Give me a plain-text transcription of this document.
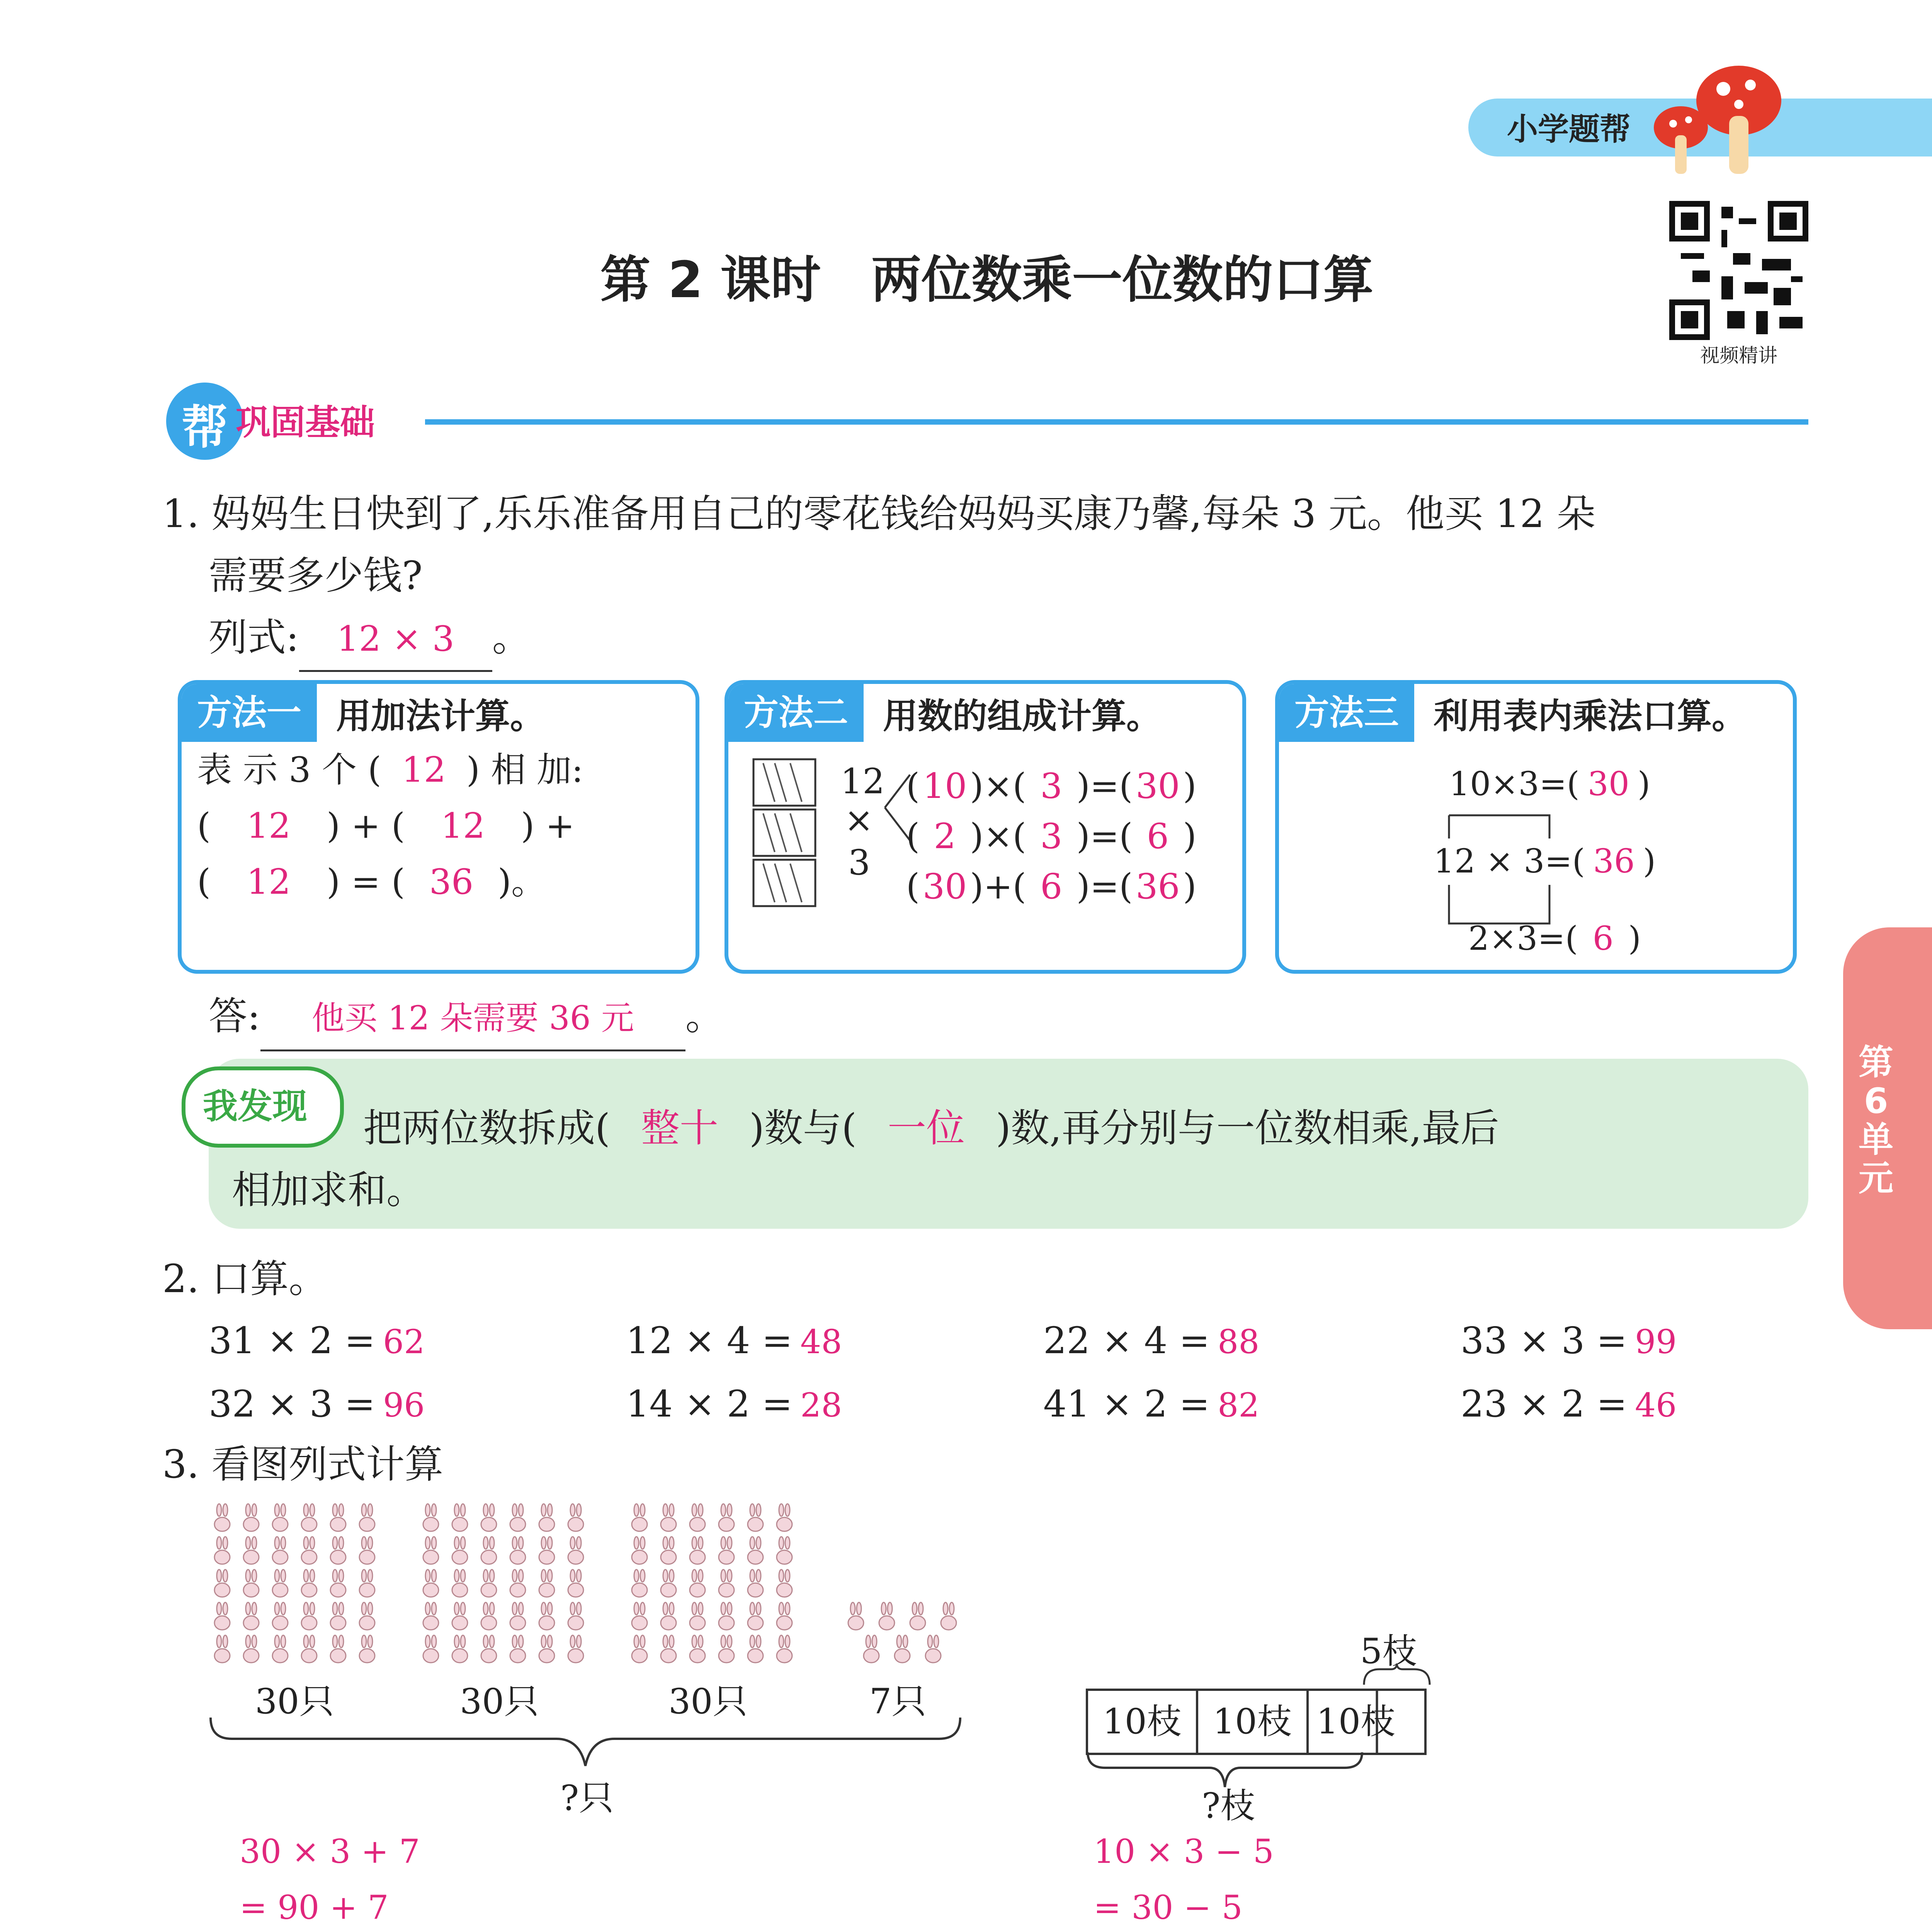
小学题帮
第 2 课时　两位数乘一位数的口算
视频精讲
帮 巩固基础
1. 妈妈生日快到了,乐乐准备用自己的零花钱给妈妈买康乃馨,每朵 3 元。他买 12 朵
需要多少钱?
列式: 12 × 3 。
方法一	用加法计算。
表 示 3 个 ( 12 ) 相 加:
( 12 ) + ( 12 ) +
( 12 ) = ( 36 )。
方法二	用数的组成计算。
12
×
3
(10)×( 3 )=(30)
( 2 )×( 3 )=( 6 )
(30)+( 6 )=(36)
方法三	利用表内乘法口算。
10×3=( 30 )
12 × 3=( 36 )
2×3=( 6 )
答: 他买 12 朵需要 36 元 。
我发现 把两位数拆成( 整十 )数与( 一位 )数,再分别与一位数相乘,最后
相加求和。
第6单元
2. 口算。
31 × 2 = 62	12 × 4 = 48	22 × 4 = 88	33 × 3 = 99
32 × 3 = 96	14 × 2 = 28	41 × 2 = 82	23 × 2 = 46
3. 看图列式计算
30只	30只	30只	7只
?只
30 × 3 + 7
= 90 + 7
5枝
10枝 10枝 10枝
?枝
10 × 3 − 5
= 30 − 5
